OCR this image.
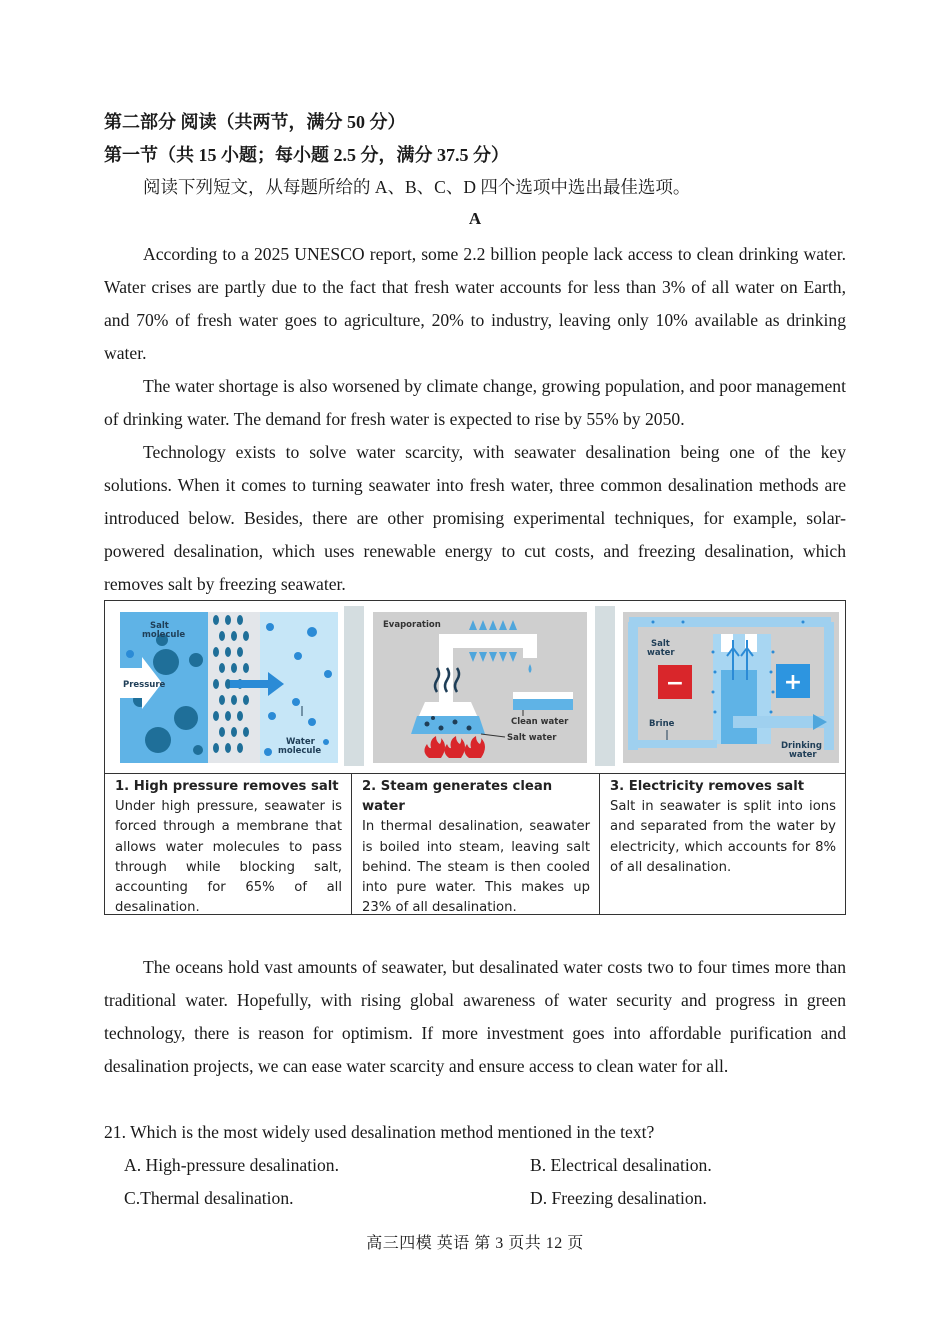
第二部分 阅读（共两节，满分 50 分）
第一节（共 15 小题；每小题 2.5 分，满分 37.5 分）
阅读下列短文，从每题所给的 A、B、C、D 四个选项中选出最佳选项。
A

According to a 2025 UNESCO report, some 2.2 billion people lack access to clean drinking water. Water crises are partly due to the fact that fresh water accounts for less than 3% of all water on Earth, and 70% of fresh water goes to agriculture, 20% to industry, leaving only 10% available as drinking water.

The water shortage is also worsened by climate change, growing population, and poor management of drinking water. The demand for fresh water is expected to rise by 55% by 2050.

Technology exists to solve water scarcity, with seawater desalination being one of the key solutions. When it comes to turning seawater into fresh water, three common desalination methods are introduced below. Besides, there are other promising experimental techniques, for example, solar-powered desalination, which uses renewable energy to cut costs, and freezing desalination, which removes salt by freezing seawater.

Pressure
Salt
molecule
Water
molecule
Evaporation
Clean water
Salt water
−	+
Salt
water
Brine
Drinking
water
1. High pressure removes salt
Under high pressure, seawater is forced through a membrane that allows water molecules to pass through while blocking salt, accounting for 65% of all desalination.
2. Steam generates clean water
In thermal desalination, seawater is boiled into steam, leaving salt behind. The steam is then cooled into pure water. This makes up 23% of all desalination.
3. Electricity removes salt
Salt in seawater is split into ions and separated from the water by electricity, which accounts for 8% of all desalination.

The oceans hold vast amounts of seawater, but desalinated water costs two to four times more than traditional water. Hopefully, with rising global awareness of water security and progress in green technology, there is reason for optimism. If more investment goes into affordable purification and desalination projects, we can ease water scarcity and ensure access to clean water for all.

21. Which is the most widely used desalination method mentioned in the text?
A. High-pressure desalination.	B. Electrical desalination.
C.Thermal desalination.	D. Freezing desalination.
高三四模 英语 第 3 页共 12 页
